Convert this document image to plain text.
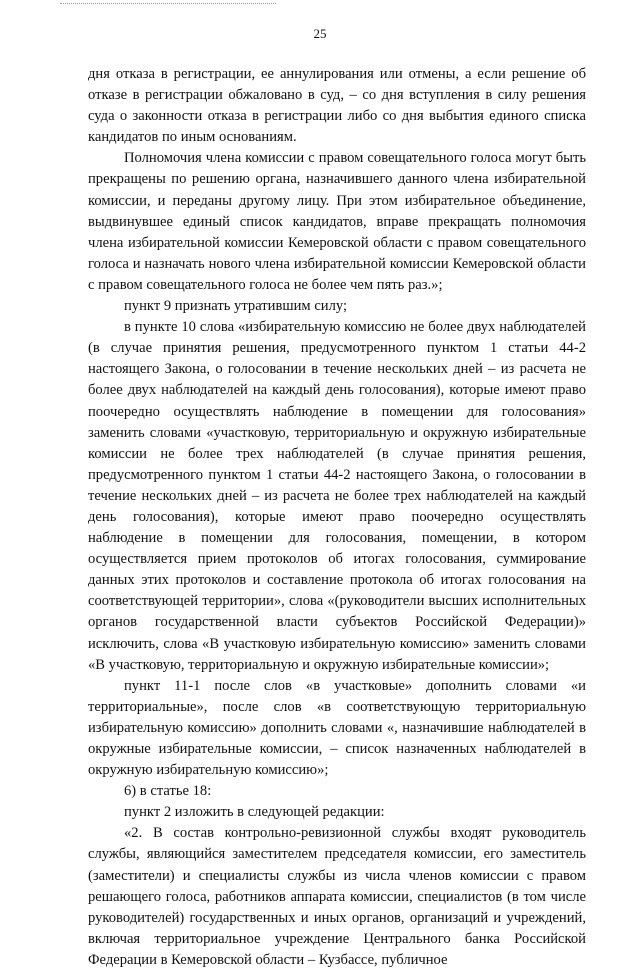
25

дня отказа в регистрации, ее аннулирования или отмены, а если решение об отказе в регистрации обжаловано в суд, – со дня вступления в силу решения суда о законности отказа в регистрации либо со дня выбытия единого списка кандидатов по иным основаниям.

Полномочия члена комиссии с правом совещательного голоса могут быть прекращены по решению органа, назначившего данного члена избирательной комиссии, и переданы другому лицу. При этом избирательное объединение, выдвинувшее единый список кандидатов, вправе прекращать полномочия члена избирательной комиссии Кемеровской области с правом совещательного голоса и назначать нового члена избирательной комиссии Кемеровской области с правом совещательного голоса не более чем пять раз.»;

пункт 9 признать утратившим силу;

в пункте 10 слова «избирательную комиссию не более двух наблюдателей (в случае принятия решения, предусмотренного пунктом 1 статьи 44-2 настоящего Закона, о голосовании в течение нескольких дней – из расчета не более двух наблюдателей на каждый день голосования), которые имеют право поочередно осуществлять наблюдение в помещении для голосования» заменить словами «участковую, территориальную и окружную избирательные комиссии не более трех наблюдателей (в случае принятия решения, предусмотренного пунктом 1 статьи 44-2 настоящего Закона, о голосовании в течение нескольких дней – из расчета не более трех наблюдателей на каждый день голосования), которые имеют право поочередно осуществлять наблюдение в помещении для голосования, помещении, в котором осуществляется прием протоколов об итогах голосования, суммирование данных этих протоколов и составление протокола об итогах голосования на соответствующей территории», слова «(руководители высших исполнительных органов государственной власти субъектов Российской Федерации)» исключить, слова «В участковую избирательную комиссию» заменить словами «В участковую, территориальную и окружную избирательные комиссии»;

пункт 11-1 после слов «в участковые» дополнить словами «и территориальные», после слов «в соответствующую территориальную избирательную комиссию» дополнить словами «, назначившие наблюдателей в окружные избирательные комиссии, – список назначенных наблюдателей в окружную избирательную комиссию»;

6) в статье 18:

пункт 2 изложить в следующей редакции:

«2. В состав контрольно-ревизионной службы входят руководитель службы, являющийся заместителем председателя комиссии, его заместитель (заместители) и специалисты службы из числа членов комиссии с правом решающего голоса, работников аппарата комиссии, специалистов (в том числе руководителей) государственных и иных органов, организаций и учреждений, включая территориальное учреждение Центрального банка Российской Федерации в Кемеровской области – Кузбассе, публичное
